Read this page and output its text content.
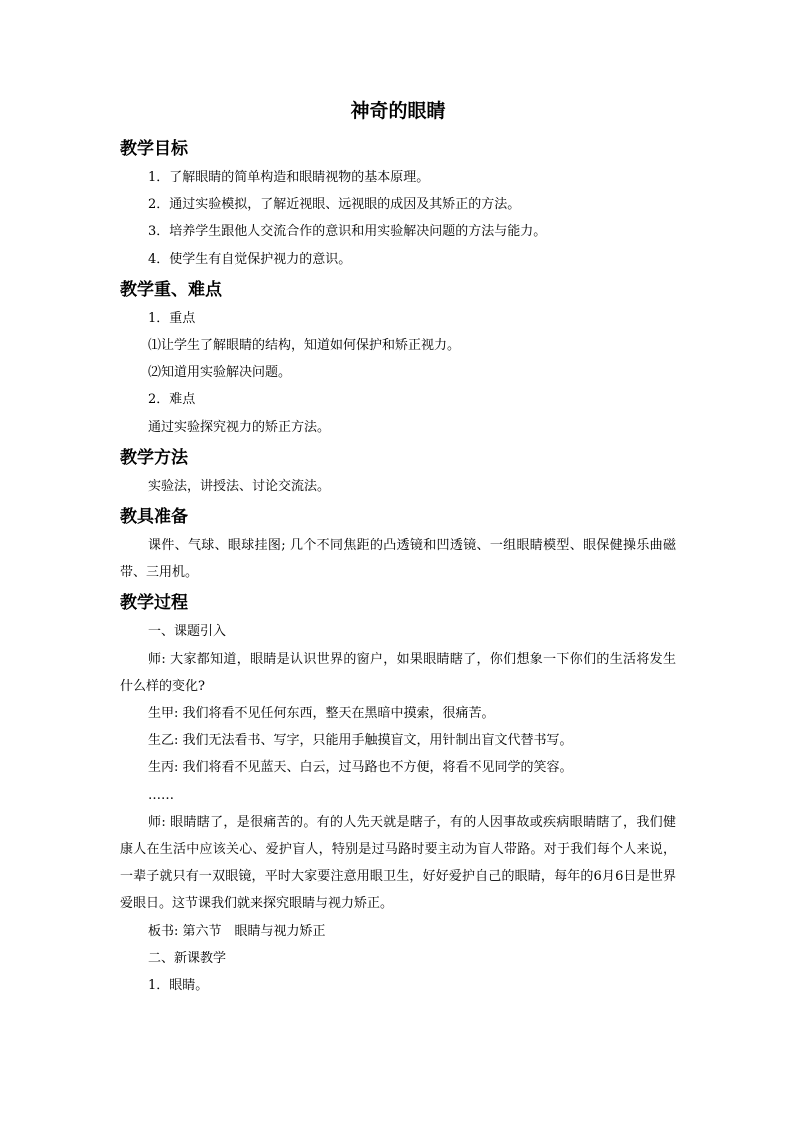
神奇的眼睛
教学目标

1．了解眼睛的简单构造和眼睛视物的基本原理。

2．通过实验模拟，了解近视眼、远视眼的成因及其矫正的方法。

3．培养学生跟他人交流合作的意识和用实验解决问题的方法与能力。

4．使学生有自觉保护视力的意识。

教学重、难点

1．重点

⑴让学生了解眼睛的结构，知道如何保护和矫正视力。

⑵知道用实验解决问题。

2．难点

通过实验探究视力的矫正方法。

教学方法

实验法，讲授法、讨论交流法。

教具准备

课件、气球、眼球挂图; 几个不同焦距的凸透镜和凹透镜、一组眼睛模型、眼保健操乐曲磁带、三用机。

教学过程

一、课题引入

师: 大家都知道，眼睛是认识世界的窗户，如果眼睛瞎了，你们想象一下你们的生活将发生什么样的变化?

生甲: 我们将看不见任何东西，整天在黑暗中摸索，很痛苦。

生乙: 我们无法看书、写字，只能用手触摸盲文，用针制出盲文代替书写。

生丙: 我们将看不见蓝天、白云，过马路也不方便，将看不见同学的笑容。

……

师: 眼睛瞎了，是很痛苦的。有的人先天就是瞎子，有的人因事故或疾病眼睛瞎了，我们健康人在生活中应该关心、爱护盲人，特别是过马路时要主动为盲人带路。对于我们每个人来说，一辈子就只有一双眼镜，平时大家要注意用眼卫生，好好爱护自己的眼睛，每年的6月6日是世界爱眼日。这节课我们就来探究眼睛与视力矫正。

板书: 第六节　眼睛与视力矫正

二、新课教学

1．眼睛。
